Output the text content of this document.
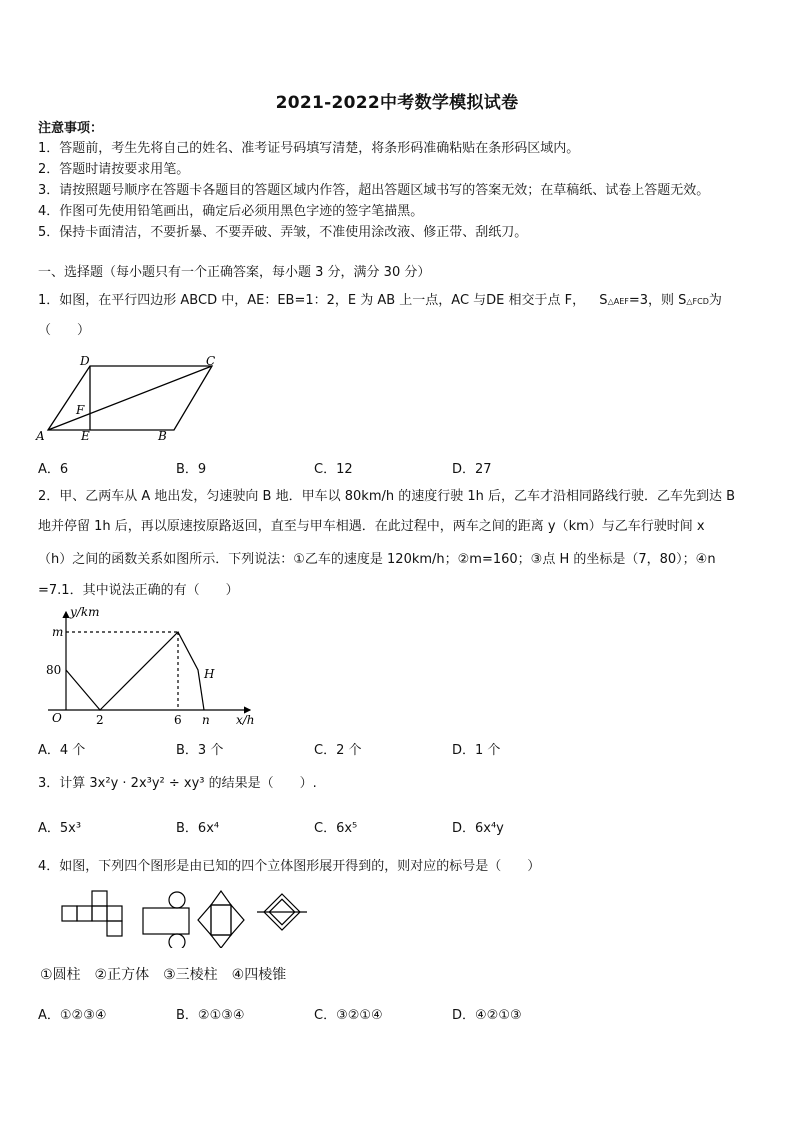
2021-2022中考数学模拟试卷
注意事项：
1．答题前，考生先将自己的姓名、准考证号码填写清楚，将条形码准确粘贴在条形码区域内。
2．答题时请按要求用笔。
3．请按照题号顺序在答题卡各题目的答题区域内作答，超出答题区域书写的答案无效；在草稿纸、试卷上答题无效。
4．作图可先使用铅笔画出，确定后必须用黑色字迹的签字笔描黑。
5．保持卡面清洁，不要折暴、不要弄破、弄皱，不准使用涂改液、修正带、刮纸刀。
一、选择题（每小题只有一个正确答案，每小题 3 分，满分 30 分）
1．如图，在平行四边形 ABCD 中，AE：EB=1：2，E 为 AB 上一点，AC 与DE 相交于点 F， S△AEF=3，则 S△FCD为
（　　）
A	E	B
C
D
F
A．6	B．9	C．12	D．27
2．甲、乙两车从 A 地出发，匀速驶向 B 地．甲车以 80km/h 的速度行驶 1h 后，乙车才沿相同路线行驶．乙车先到达 B
地并停留 1h 后，再以原速按原路返回，直至与甲车相遇．在此过程中，两车之间的距离 y（km）与乙车行驶时间 x
（h）之间的函数关系如图所示．下列说法：①乙车的速度是 120km/h；②m=160；③点 H 的坐标是（7，80）；④n
=7.1．其中说法正确的有（　　）
y/km
x/h
m
80
O	2	6 n
H
A．4 个	B．3 个	C．2 个	D．1 个
3．计算 3x²y · 2x³y² ÷ xy³ 的结果是（　　）.
A．5x³	B．6x⁴	C．6x⁵	D．6x⁴y
4．如图，下列四个图形是由已知的四个立体图形展开得到的，则对应的标号是（　　）
①圆柱　②正方体　③三棱柱　④四棱锥
A．①②③④	B．②①③④	C．③②①④	D．④②①③
